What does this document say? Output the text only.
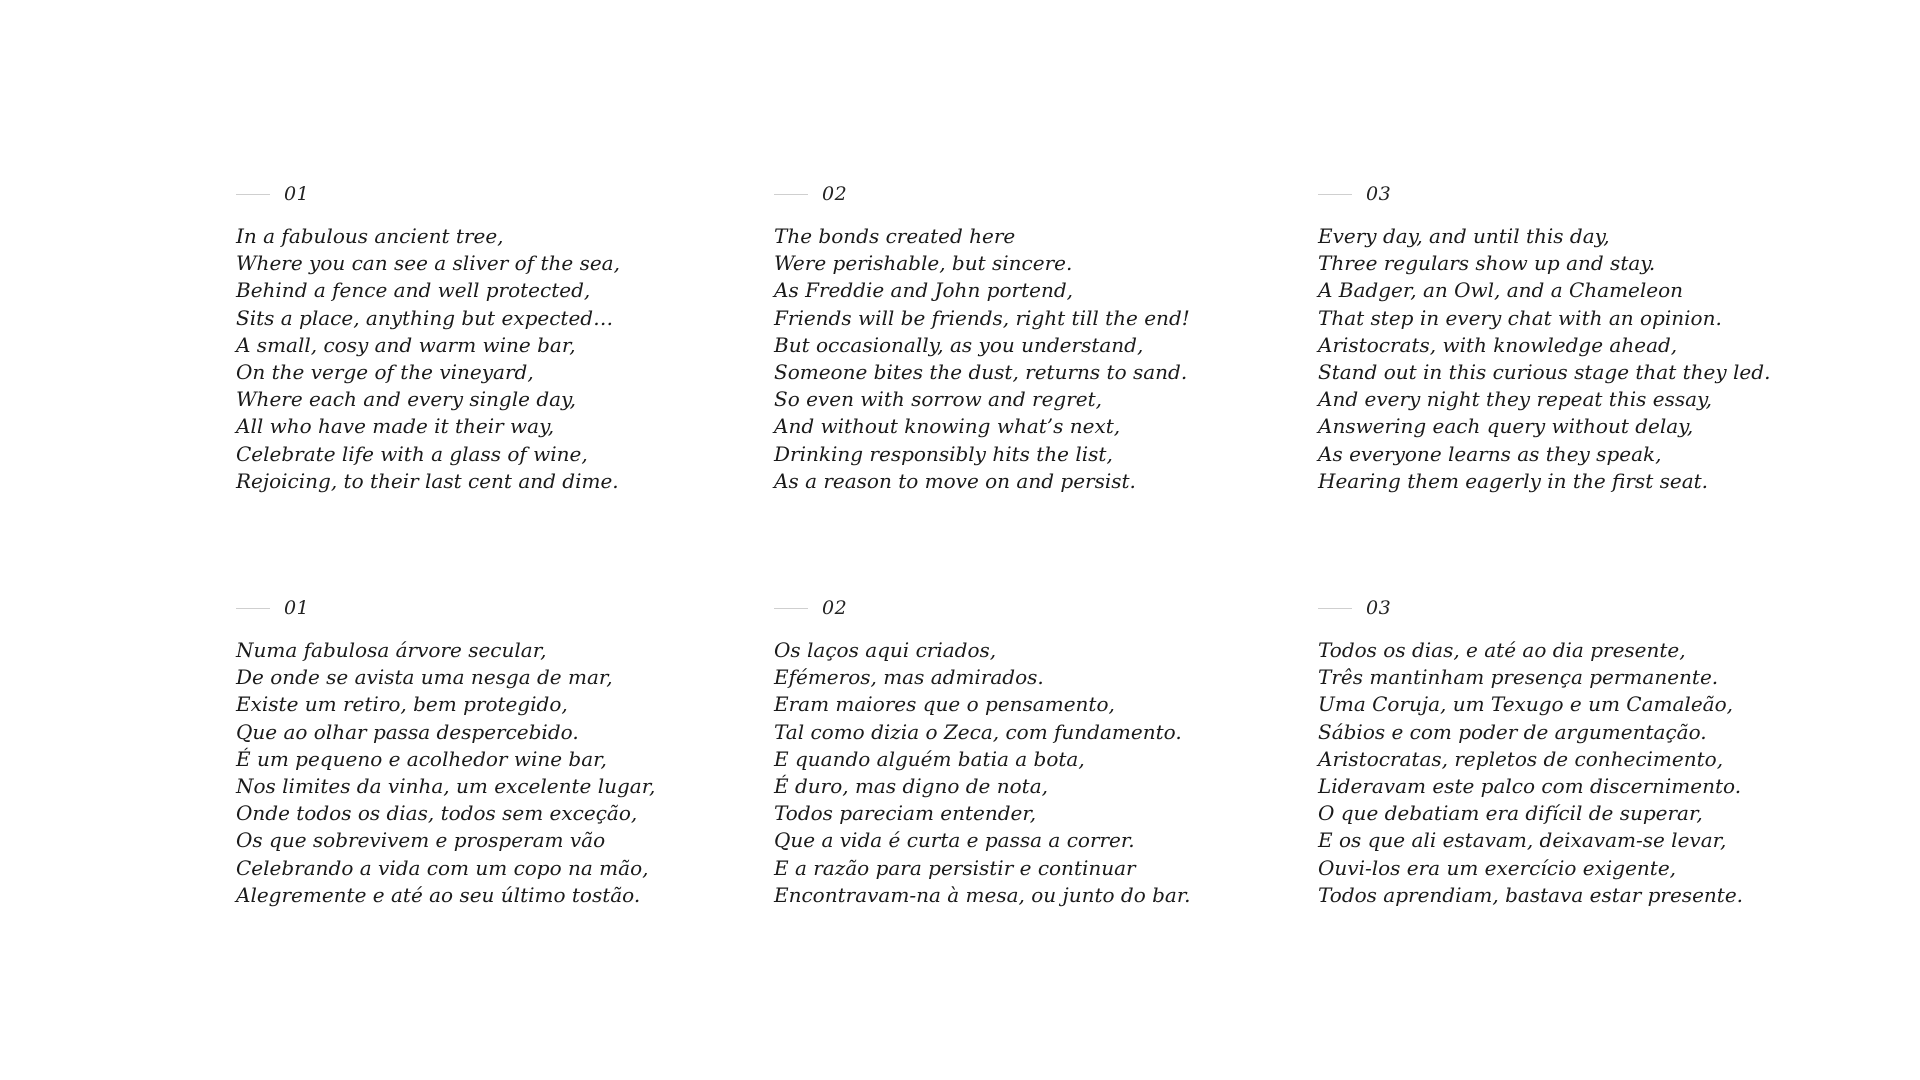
01
In a fabulous ancient tree,
Where you can see a sliver of the sea,
Behind a fence and well protected,
Sits a place, anything but expected…
A small, cosy and warm wine bar,
On the verge of the vineyard,
Where each and every single day,
All who have made it their way,
Celebrate life with a glass of wine,
Rejoicing, to their last cent and dime.
02
The bonds created here
Were perishable, but sincere.
As Freddie and John portend,
Friends will be friends, right till the end!
But occasionally, as you understand,
Someone bites the dust, returns to sand.
So even with sorrow and regret,
And without knowing what’s next,
Drinking responsibly hits the list,
As a reason to move on and persist.
03
Every day, and until this day,
Three regulars show up and stay.
A Badger, an Owl, and a Chameleon
That step in every chat with an opinion.
Aristocrats, with knowledge ahead,
Stand out in this curious stage that they led.
And every night they repeat this essay,
Answering each query without delay,
As everyone learns as they speak,
Hearing them eagerly in the first seat.
01
Numa fabulosa árvore secular,
De onde se avista uma nesga de mar,
Existe um retiro, bem protegido,
Que ao olhar passa despercebido.
É um pequeno e acolhedor wine bar,
Nos limites da vinha, um excelente lugar,
Onde todos os dias, todos sem exceção,
Os que sobrevivem e prosperam vão
Celebrando a vida com um copo na mão,
Alegremente e até ao seu último tostão.
02
Os laços aqui criados,
Efémeros, mas admirados.
Eram maiores que o pensamento,
Tal como dizia o Zeca, com fundamento.
E quando alguém batia a bota,
É duro, mas digno de nota,
Todos pareciam entender,
Que a vida é curta e passa a correr.
E a razão para persistir e continuar
Encontravam-na à mesa, ou junto do bar.
03
Todos os dias, e até ao dia presente,
Três mantinham presença permanente.
Uma Coruja, um Texugo e um Camaleão,
Sábios e com poder de argumentação.
Aristocratas, repletos de conhecimento,
Lideravam este palco com discernimento.
O que debatiam era difícil de superar,
E os que ali estavam, deixavam-se levar,
Ouvi-los era um exercício exigente,
Todos aprendiam, bastava estar presente.
